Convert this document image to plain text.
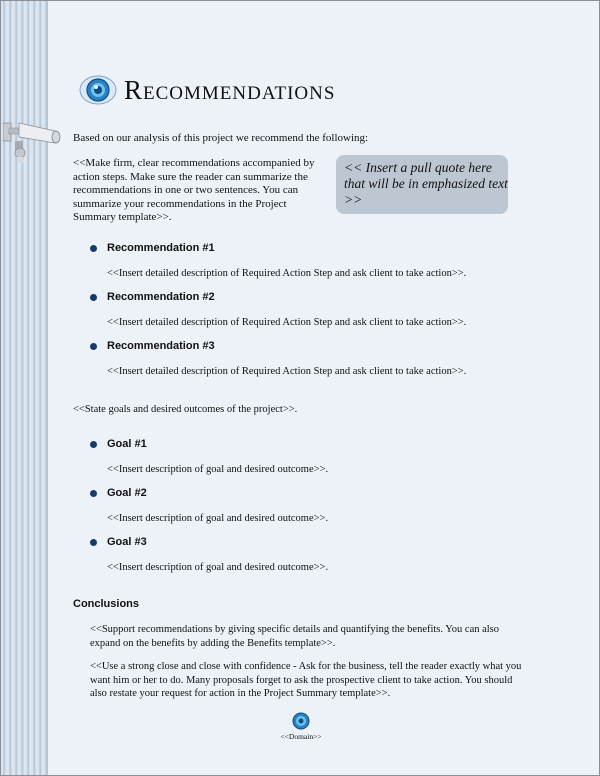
Recommendations

Based on our analysis of this project we recommend the following:

<<Make firm, clear recommendations accompanied by action steps. Make sure the reader can summarize the recommendations in one or two sentences. You can summarize your recommendations in the Project Summary template>>.

<< Insert a pull quote here that will be in emphasized text >>
Recommendation #1
<<Insert detailed description of Required Action Step and ask client to take action>>.
Recommendation #2
<<Insert detailed description of Required Action Step and ask client to take action>>.
Recommendation #3
<<Insert detailed description of Required Action Step and ask client to take action>>.
<<State goals and desired outcomes of the project>>.
Goal #1
<<Insert description of goal and desired outcome>>.
Goal #2
<<Insert description of goal and desired outcome>>.
Goal #3
<<Insert description of goal and desired outcome>>.
Conclusions

<<Support recommendations by giving specific details and quantifying the benefits. You can also expand on the benefits by adding the Benefits template>>.

<<Use a strong close and close with confidence - Ask for the business, tell the reader exactly what you want him or her to do. Many proposals forget to ask the prospective client to take action. You should also restate your request for action in the Project Summary template>>.

<<Domain>>
